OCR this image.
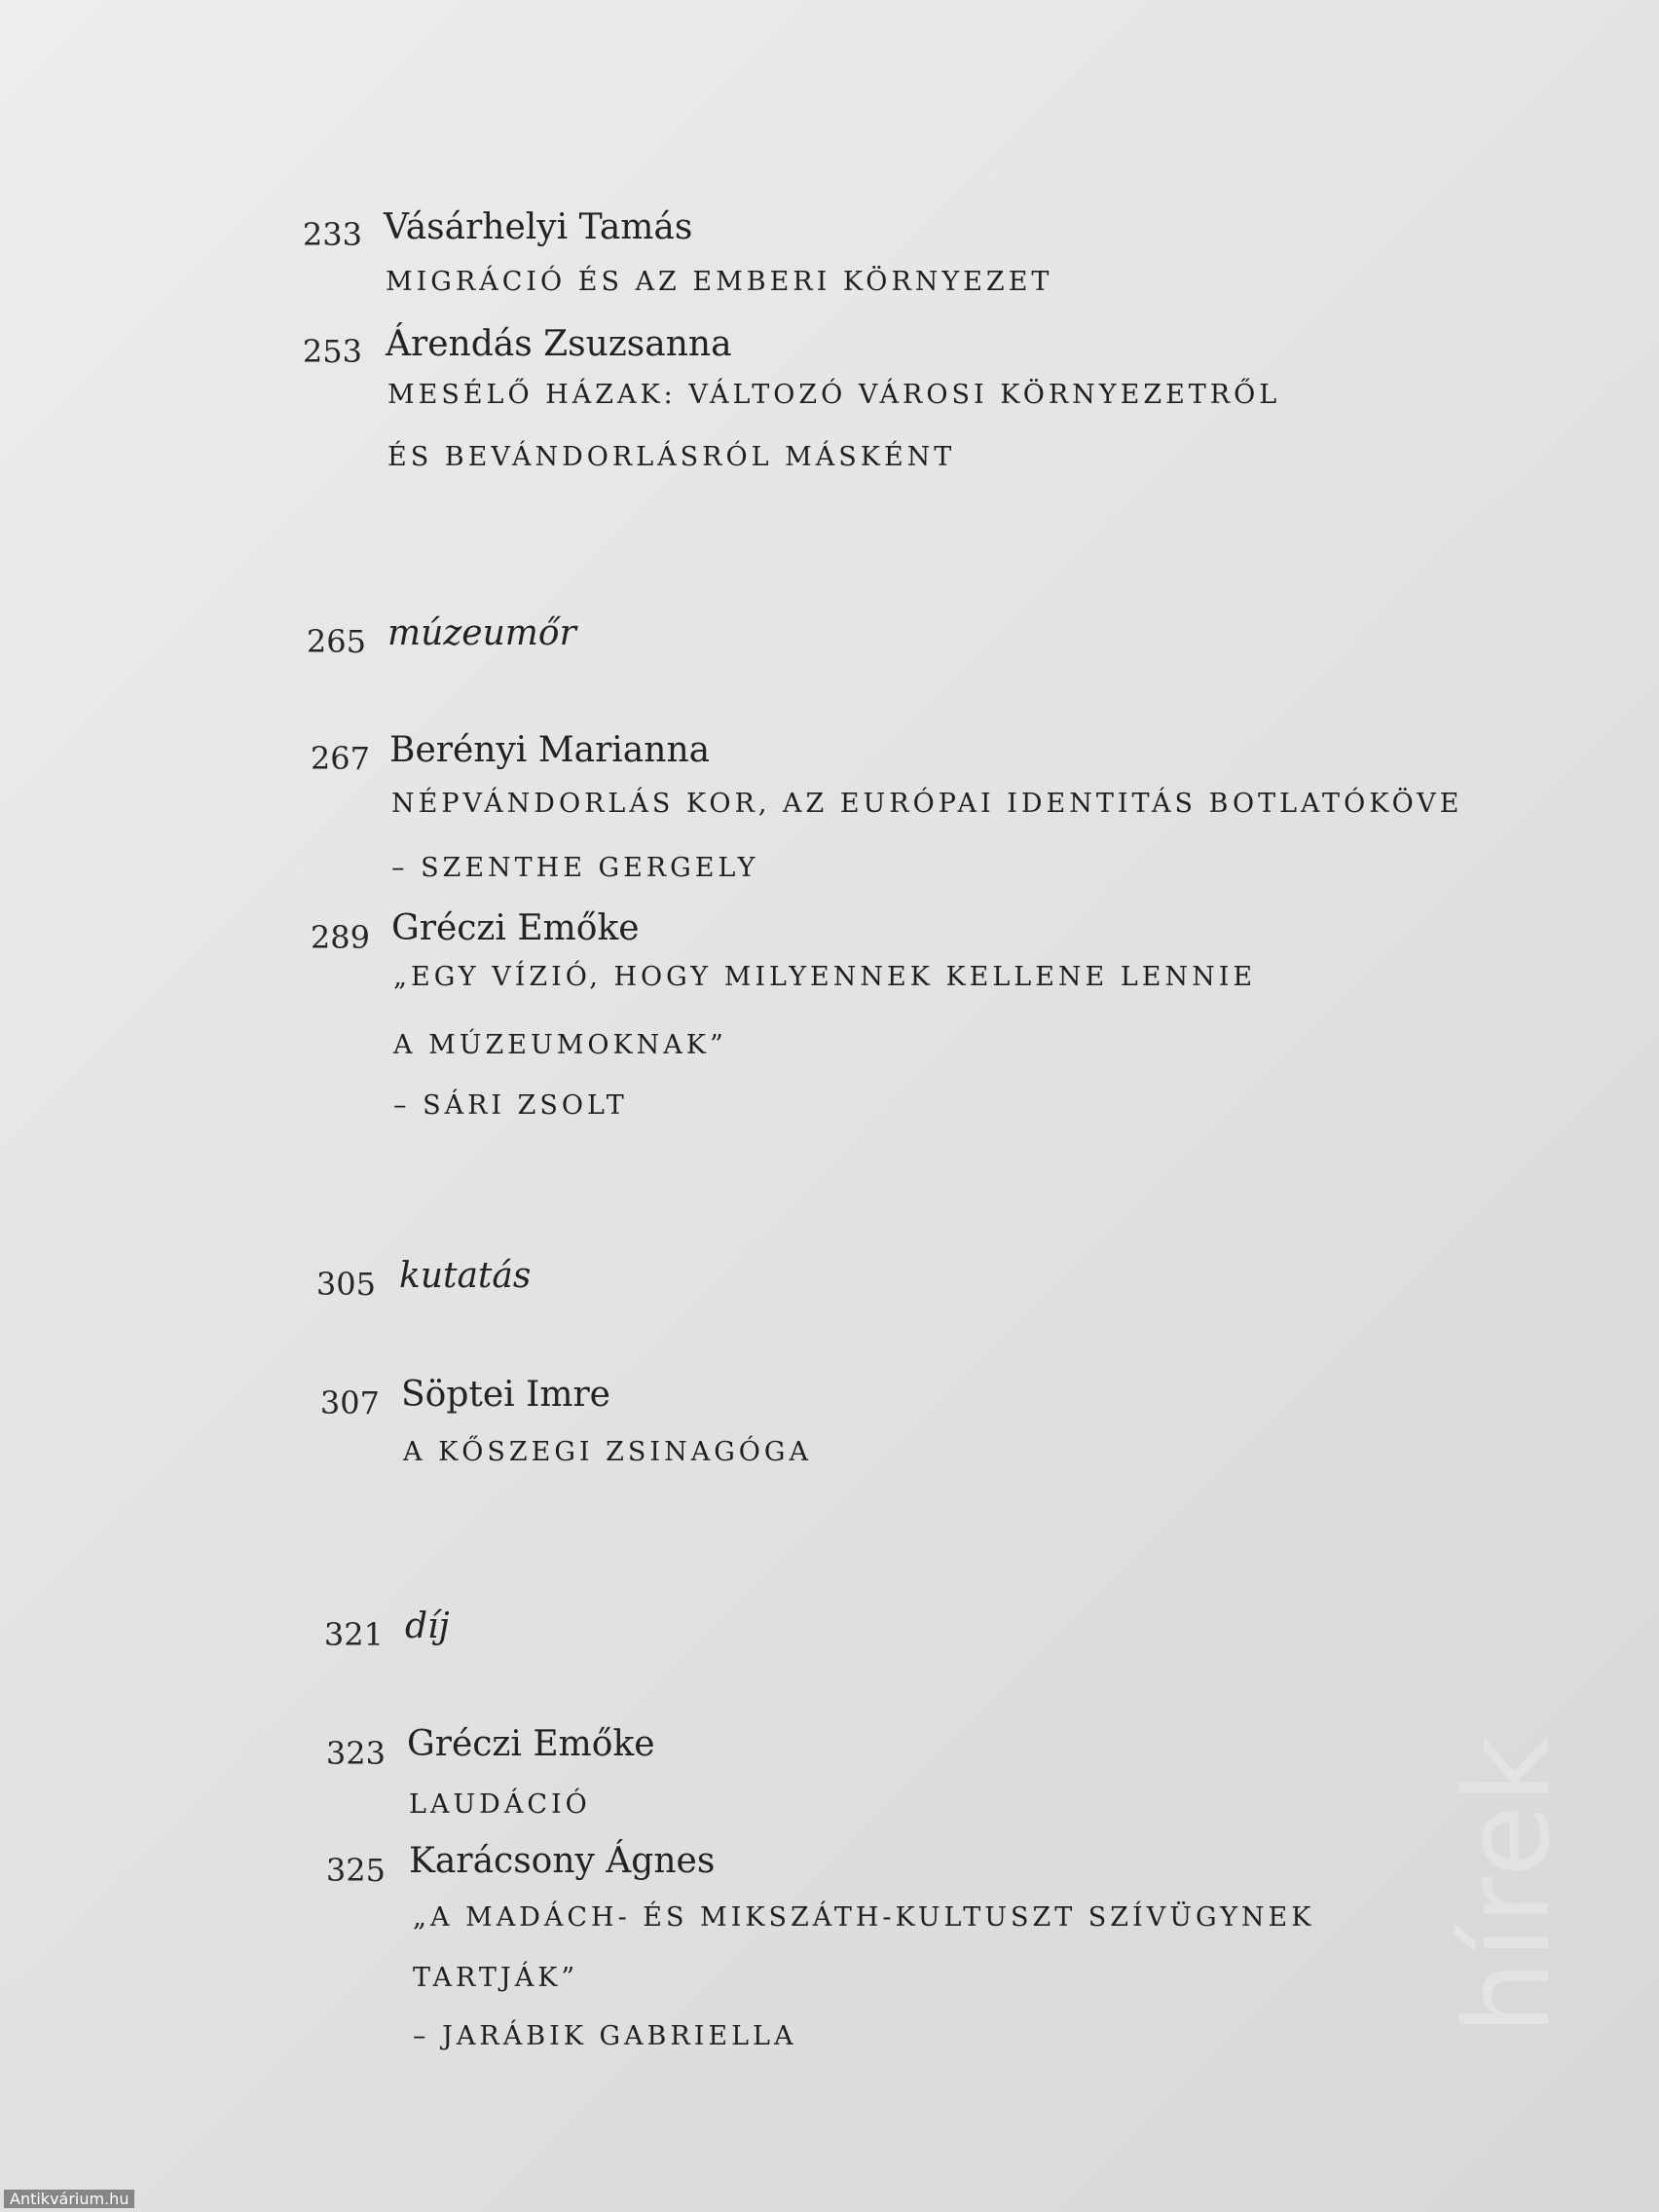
233 Vásárhelyi Tamás
MIGRÁCIÓ ÉS AZ EMBERI KÖRNYEZET
253 Árendás Zsuzsanna
MESÉLŐ HÁZAK: VÁLTOZÓ VÁROSI KÖRNYEZETRŐL
ÉS BEVÁNDORLÁSRÓL MÁSKÉNT
265 múzeumőr
267 Berényi Marianna
NÉPVÁNDORLÁS KOR, AZ EURÓPAI IDENTITÁS BOTLATÓKÖVE
– SZENTHE GERGELY
289 Gréczi Emőke
„EGY VÍZIÓ, HOGY MILYENNEK KELLENE LENNIE
A MÚZEUMOKNAK”
– SÁRI ZSOLT
305 kutatás
307 Söptei Imre
A KŐSZEGI ZSINAGÓGA
321 díj
323 Gréczi Emőke
LAUDÁCIÓ
325 Karácsony Ágnes
„A MADÁCH- ÉS MIKSZÁTH-KULTUSZT SZÍVÜGYNEK
TARTJÁK”
– JARÁBIK GABRIELLA
hírek
Antikvárium.hu
